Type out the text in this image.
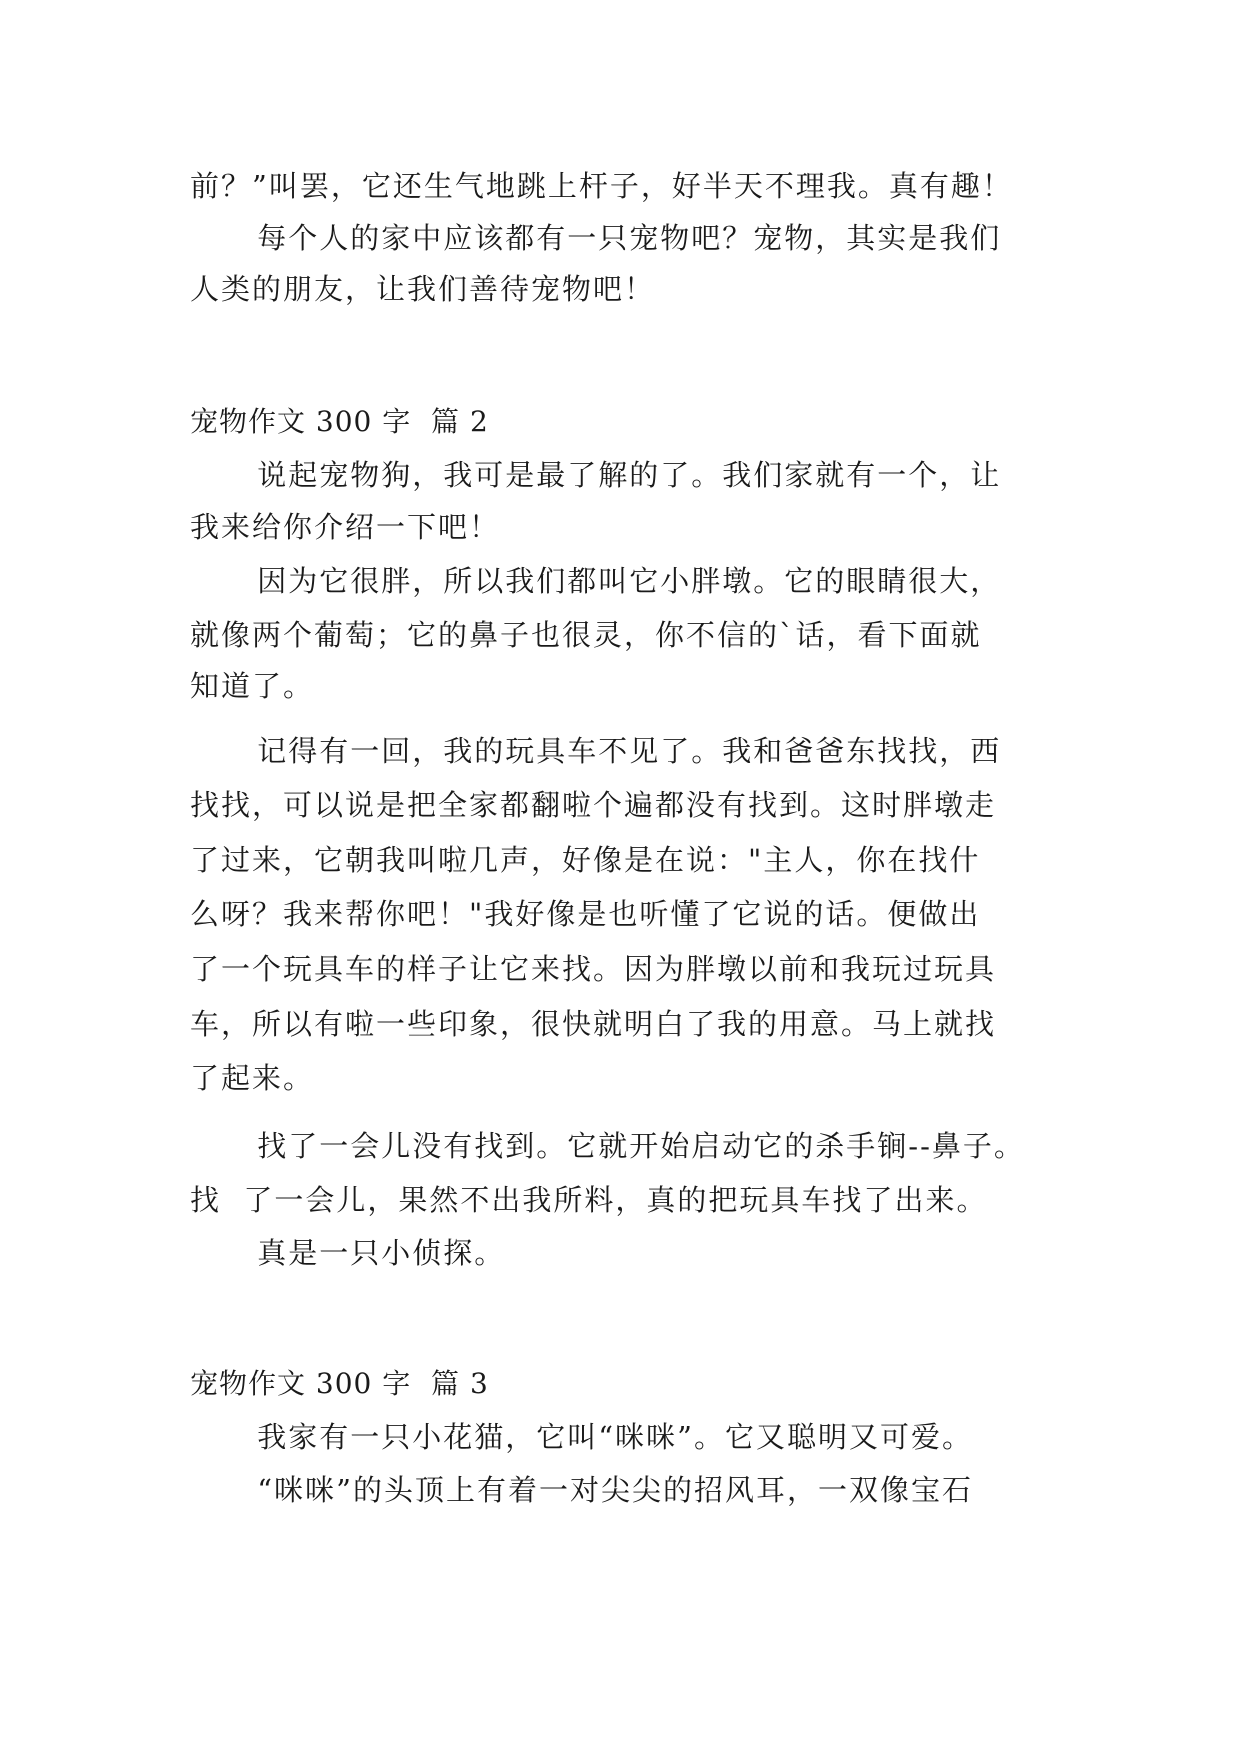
前？”叫罢，它还生气地跳上杆子，好半天不理我。真有趣！
每个人的家中应该都有一只宠物吧？宠物，其实是我们
人类的朋友，让我们善待宠物吧！
宠物作文 300 字  篇 2
说起宠物狗，我可是最了解的了。我们家就有一个，让
我来给你介绍一下吧！
因为它很胖，所以我们都叫它小胖墩。它的眼睛很大，
就像两个葡萄；它的鼻子也很灵，你不信的`话，看下面就
知道了。
记得有一回，我的玩具车不见了。我和爸爸东找找，西
找找，可以说是把全家都翻啦个遍都没有找到。这时胖墩走
了过来，它朝我叫啦几声，好像是在说："主人，你在找什
么呀？我来帮你吧！"我好像是也听懂了它说的话。便做出
了一个玩具车的样子让它来找。因为胖墩以前和我玩过玩具
车，所以有啦一些印象，很快就明白了我的用意。马上就找
了起来。
找了一会儿没有找到。它就开始启动它的杀手锏--鼻子。
找  了一会儿，果然不出我所料，真的把玩具车找了出来。
真是一只小侦探。
宠物作文 300 字  篇 3
我家有一只小花猫，它叫“咪咪”。它又聪明又可爱。
“咪咪”的头顶上有着一对尖尖的招风耳，一双像宝石
